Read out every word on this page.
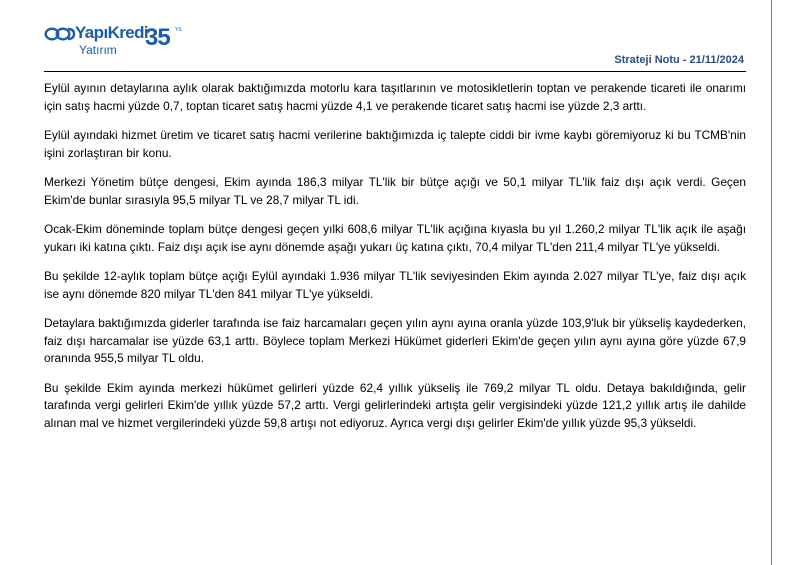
YapıKredi
Yatırım 35 YIL
Strateji Notu - 21/11/2024

Eylül ayının detaylarına aylık olarak baktığımızda motorlu kara taşıtlarının ve motosikletlerin toptan ve perakende ticareti ile onarımı için satış hacmi yüzde 0,7, toptan ticaret satış hacmi yüzde 4,1 ve perakende ticaret satış hacmi ise yüzde 2,3 arttı.

Eylül ayındaki hizmet üretim ve ticaret satış hacmi verilerine baktığımızda iç talepte ciddi bir ivme kaybı göremiyoruz ki bu TCMB'nin işini zorlaştıran bir konu.

Merkezi Yönetim bütçe dengesi, Ekim ayında 186,3 milyar TL'lik bir bütçe açığı ve 50,1 milyar TL'lik faiz dışı açık verdi. Geçen Ekim'de bunlar sırasıyla 95,5 milyar TL ve 28,7 milyar TL idi.

Ocak-Ekim döneminde toplam bütçe dengesi geçen yılki 608,6 milyar TL'lik açığına kıyasla bu yıl 1.260,2 milyar TL'lik açık ile aşağı yukarı iki katına çıktı. Faiz dışı açık ise aynı dönemde aşağı yukarı üç katına çıktı, 70,4 milyar TL'den 211,4 milyar TL'ye yükseldi.

Bu şekilde 12-aylık toplam bütçe açığı Eylül ayındaki 1.936 milyar TL'lik seviyesinden Ekim ayında 2.027 milyar TL'ye, faiz dışı açık ise aynı dönemde 820 milyar TL'den 841 milyar TL'ye yükseldi.

Detaylara baktığımızda giderler tarafında ise faiz harcamaları geçen yılın aynı ayına oranla yüzde 103,9'luk bir yükseliş kaydederken, faiz dışı harcamalar ise yüzde 63,1 arttı. Böylece toplam Merkezi Hükümet giderleri Ekim'de geçen yılın aynı ayına göre yüzde 67,9 oranında 955,5 milyar TL oldu.

Bu şekilde Ekim ayında merkezi hükümet gelirleri yüzde 62,4 yıllık yükseliş ile 769,2 milyar TL oldu. Detaya bakıldığında, gelir tarafında vergi gelirleri Ekim'de yıllık yüzde 57,2 arttı. Vergi gelirlerindeki artışta gelir vergisindeki yüzde 121,2 yıllık artış ile dahilde alınan mal ve hizmet vergilerindeki yüzde 59,8 artışı not ediyoruz. Ayrıca vergi dışı gelirler Ekim'de yıllık yüzde 95,3 yükseldi.
